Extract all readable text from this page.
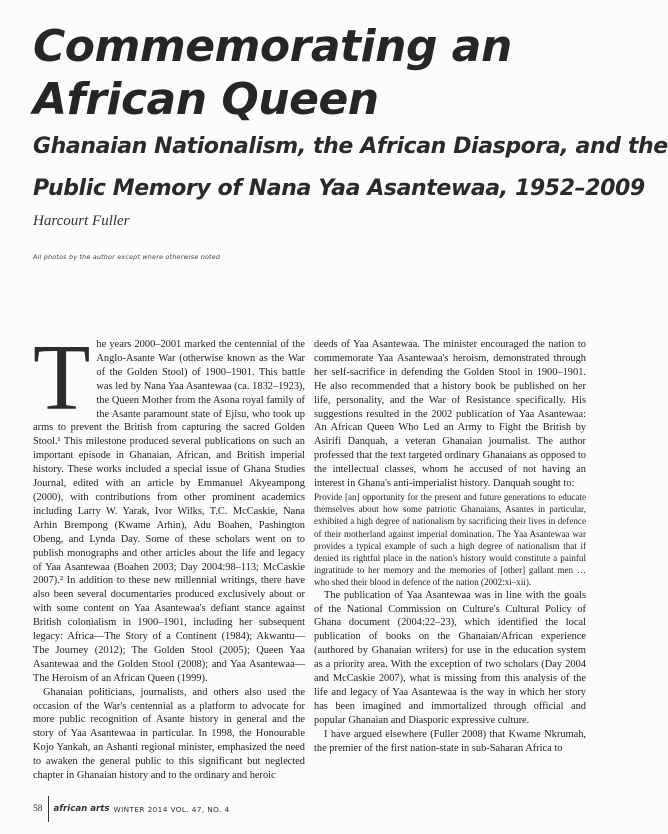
Commemorating an
African Queen
Ghanaian Nationalism, the African Diaspora, and the
Public Memory of Nana Yaa Asantewaa, 1952–2009

Harcourt Fuller

All photos by the author except where otherwise noted

The years 2000–2001 marked the centennial of the Anglo-Asante War (otherwise known as the War of the Golden Stool) of 1900–1901. This battle was led by Nana Yaa Asantewaa (ca. 1832–1923), the Queen Mother from the Asona royal family of the Asante paramount state of Ejisu, who took up arms to prevent the British from capturing the sacred Golden Stool.¹ This milestone produced several publications on such an important episode in Ghanaian, African, and British imperial history. These works included a special issue of Ghana Studies Journal, edited with an article by Emmanuel Akyeampong (2000), with contributions from other prominent academics including Larry W. Yarak, Ivor Wilks, T.C. McCaskie, Nana Arhin Brempong (Kwame Arhin), Adu Boahen, Pashington Obeng, and Lynda Day. Some of these scholars went on to publish monographs and other articles about the life and legacy of Yaa Asantewaa (Boahen 2003; Day 2004:98–113; McCaskie 2007).² In addition to these new millennial writings, there have also been several documentaries produced exclusively about or with some content on Yaa Asantewaa's defiant stance against British colonialism in 1900–1901, including her subsequent legacy: Africa—The Story of a Continent (1984); Akwantu—The Journey (2012); The Golden Stool (2005); Queen Yaa Asantewaa and the Golden Stool (2008); and Yaa Asantewaa—The Heroism of an African Queen (1999).

Ghanaian politicians, journalists, and others also used the occasion of the War's centennial as a platform to advocate for more public recognition of Asante history in general and the story of Yaa Asantewaa in particular. In 1998, the Honourable Kojo Yankah, an Ashanti regional minister, emphasized the need to awaken the general public to this significant but neglected chapter in Ghanaian history and to the ordinary and heroic

deeds of Yaa Asantewaa. The minister encouraged the nation to commemorate Yaa Asantewaa's heroism, demonstrated through her self-sacrifice in defending the Golden Stool in 1900–1901. He also recommended that a history book be published on her life, personality, and the War of Resistance specifically. His suggestions resulted in the 2002 publication of Yaa Asantewaa: An African Queen Who Led an Army to Fight the British by Asirifi Danquah, a veteran Ghanaian journalist. The author professed that the text targeted ordinary Ghanaians as opposed to the intellectual classes, whom he accused of not having an interest in Ghana's anti-imperialist history. Danquah sought to:

Provide [an] opportunity for the present and future generations to educate themselves about how some patriotic Ghanaians, Asantes in particular, exhibited a high degree of nationalism by sacrificing their lives in defence of their motherland against imperial domination. The Yaa Asantewaa war provides a typical example of such a high degree of nationalism that if denied its rightful place in the nation's history would constitute a painful ingratitude to her memory and the memories of [other] gallant men … who shed their blood in defence of the nation (2002:xi–xii).

The publication of Yaa Asantewaa was in line with the goals of the National Commission on Culture's Cultural Policy of Ghana document (2004:22–23), which identified the local publication of books on the Ghanaian/African experience (authored by Ghanaian writers) for use in the education system as a priority area. With the exception of two scholars (Day 2004 and McCaskie 2007), what is missing from this analysis of the life and legacy of Yaa Asantewaa is the way in which her story has been imagined and immortalized through official and popular Ghanaian and Diasporic expressive culture.

I have argued elsewhere (Fuller 2008) that Kwame Nkrumah, the premier of the first nation-state in sub-Saharan Africa to

58 african arts WINTER 2014 VOL. 47, NO. 4
